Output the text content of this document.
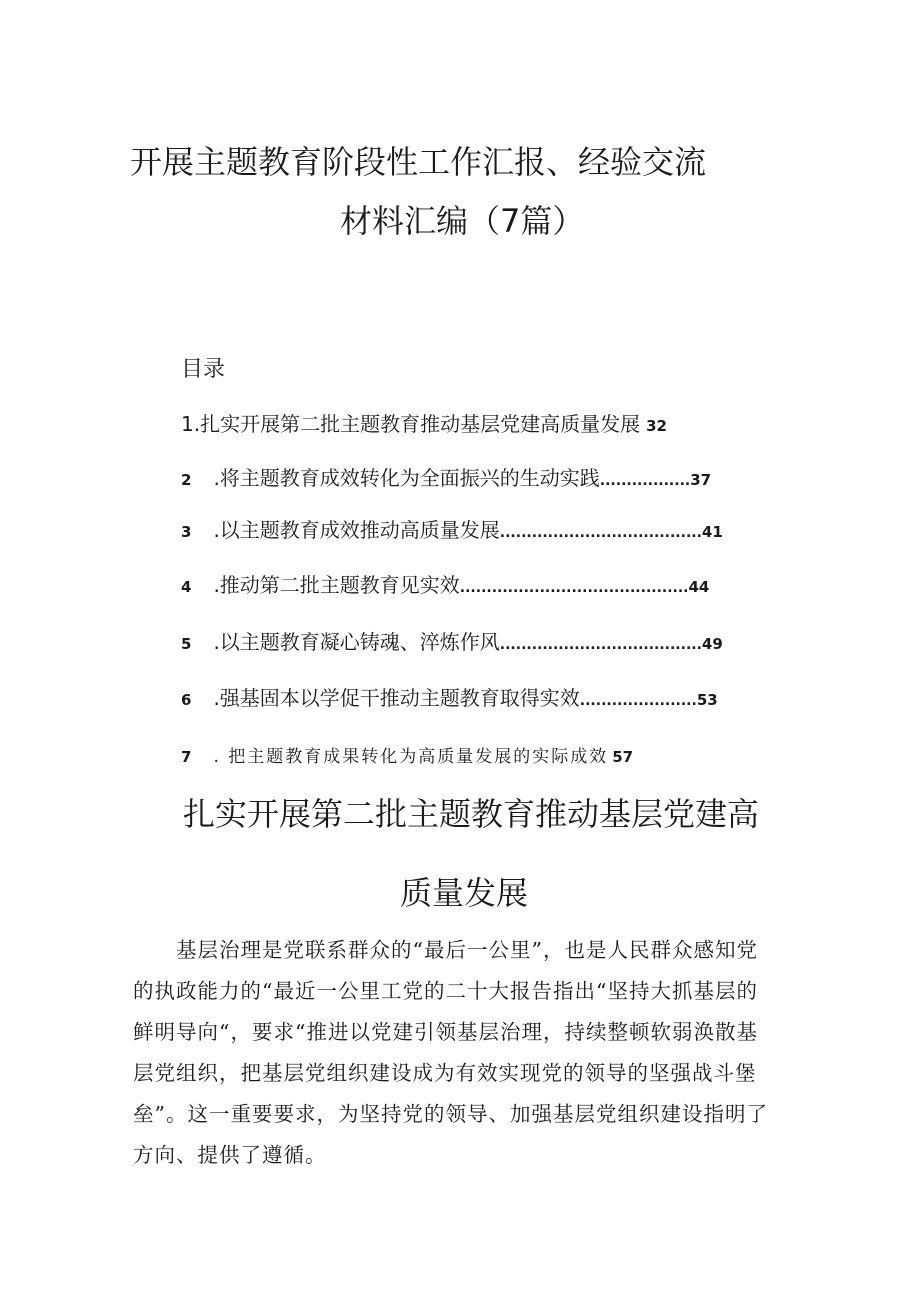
开展主题教育阶段性工作汇报、经验交流
材料汇编（7篇）
目录
1. 扎实开展第二批主题教育推动基层党建高质量发展 32
2 .将主题教育成效转化为全面振兴的生动实践 ................. 37
3 .以主题教育成效推动高质量发展 ...................................... 41
4 .推动第二批主题教育见实效 ........................................... 44
5 .以主题教育凝心铸魂、淬炼作风 ...................................... 49
6 .强基固本以学促干推动主题教育取得实效 ...................... 53
7 . 把主题教育成果转化为高质量发展的实际成效 57
扎实开展第二批主题教育推动基层党建高
质量发展
　　基层治理是党联系群众的“最后一公里”，也是人民群众感知党
的执政能力的“最近一公里工党的二十大报告指出“坚持大抓基层的
鲜明导向“，要求“推进以党建引领基层治理，持续整顿软弱涣散基
层党组织，把基层党组织建设成为有效实现党的领导的坚强战斗堡
垒”。这一重要要求，为坚持党的领导、加强基层党组织建设指明了
方向、提供了遵循。
